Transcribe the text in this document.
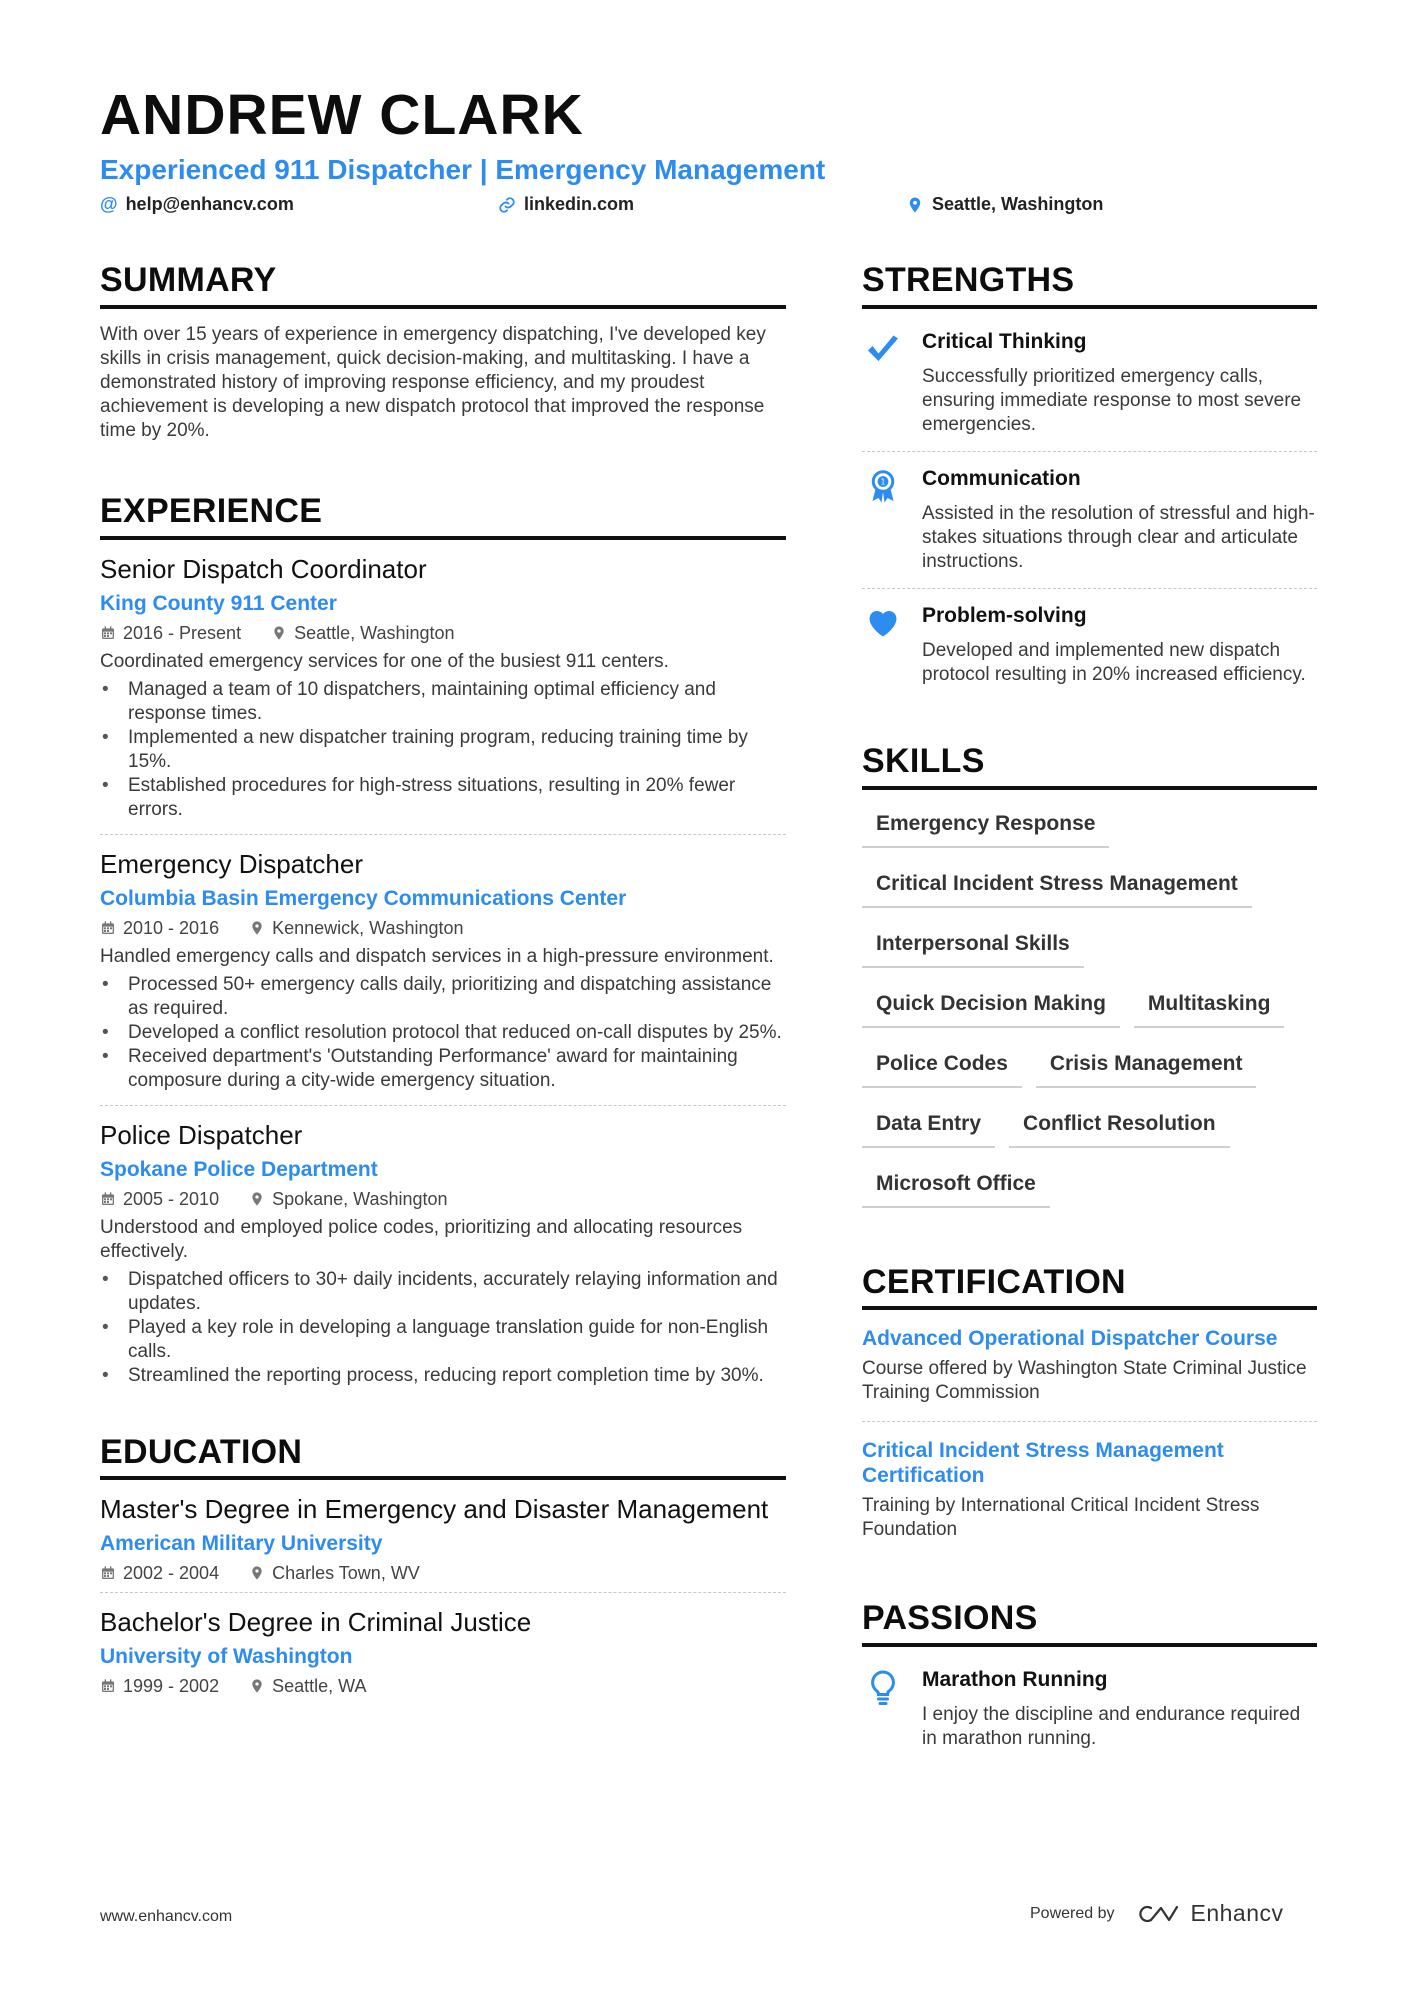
ANDREW CLARK
Experienced 911 Dispatcher | Emergency Management
@ help@enhancv.com	linkedin.com	Seattle, Washington
SUMMARY
With over 15 years of experience in emergency dispatching, I've developed key skills in crisis management, quick decision-making, and multitasking. I have a demonstrated history of improving response efficiency, and my proudest achievement is developing a new dispatch protocol that improved the response time by 20%.
EXPERIENCE
Senior Dispatch Coordinator
King County 911 Center
2016 - Present	Seattle, Washington
Coordinated emergency services for one of the busiest 911 centers.
• Managed a team of 10 dispatchers, maintaining optimal efficiency and response times.
• Implemented a new dispatcher training program, reducing training time by 15%.
• Established procedures for high-stress situations, resulting in 20% fewer errors.
Emergency Dispatcher
Columbia Basin Emergency Communications Center
2010 - 2016	Kennewick, Washington
Handled emergency calls and dispatch services in a high-pressure environment.
• Processed 50+ emergency calls daily, prioritizing and dispatching assistance as required.
• Developed a conflict resolution protocol that reduced on-call disputes by 25%.
• Received department's 'Outstanding Performance' award for maintaining composure during a city-wide emergency situation.
Police Dispatcher
Spokane Police Department
2005 - 2010	Spokane, Washington
Understood and employed police codes, prioritizing and allocating resources effectively.
• Dispatched officers to 30+ daily incidents, accurately relaying information and updates.
• Played a key role in developing a language translation guide for non-English calls.
• Streamlined the reporting process, reducing report completion time by 30%.
EDUCATION
Master's Degree in Emergency and Disaster Management
American Military University
2002 - 2004	Charles Town, WV
Bachelor's Degree in Criminal Justice
University of Washington
1999 - 2002	Seattle, WA
STRENGTHS
Critical Thinking
Successfully prioritized emergency calls, ensuring immediate response to most severe emergencies.
1 Communication
Assisted in the resolution of stressful and high-stakes situations through clear and articulate instructions.
Problem-solving
Developed and implemented new dispatch protocol resulting in 20% increased efficiency.
SKILLS
Emergency Response
Critical Incident Stress Management
Interpersonal Skills
Quick Decision Making	Multitasking
Police Codes	Crisis Management
Data Entry	Conflict Resolution
Microsoft Office
CERTIFICATION
Advanced Operational Dispatcher Course
Course offered by Washington State Criminal Justice Training Commission
Critical Incident Stress Management Certification
Training by International Critical Incident Stress Foundation
PASSIONS
Marathon Running
I enjoy the discipline and endurance required in marathon running.
www.enhancv.com	Powered by	Enhancv
